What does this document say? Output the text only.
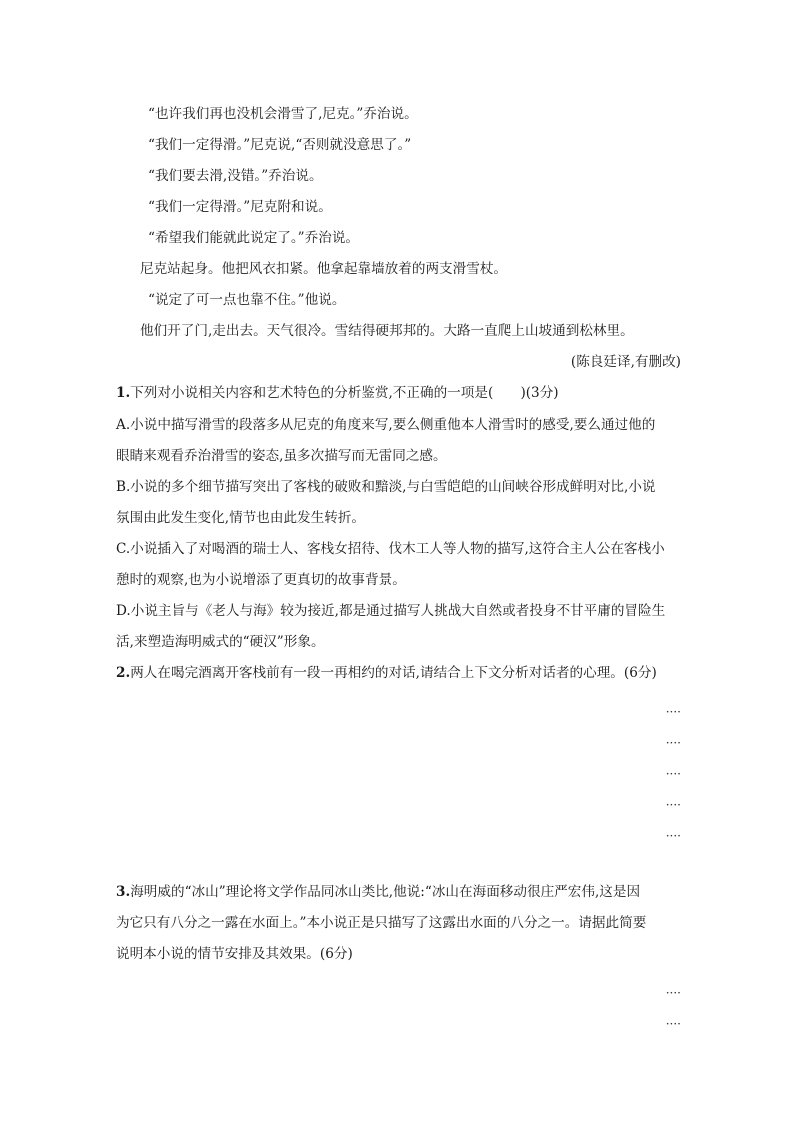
“也许我们再也没机会滑雪了,尼克。”乔治说。
“我们一定得滑。”尼克说,“否则就没意思了。”
“我们要去滑,没错。”乔治说。
“我们一定得滑。”尼克附和说。
“希望我们能就此说定了。”乔治说。
尼克站起身。他把风衣扣紧。他拿起靠墙放着的两支滑雪杖。
“说定了可一点也靠不住。”他说。
他们开了门,走出去。天气很冷。雪结得硬邦邦的。大路一直爬上山坡通到松林里。
(陈良廷译,有删改)
1.下列对小说相关内容和艺术特色的分析鉴赏,不正确的一项是(　　)(3分)
A.小说中描写滑雪的段落多从尼克的角度来写,要么侧重他本人滑雪时的感受,要么通过他的
眼睛来观看乔治滑雪的姿态,虽多次描写而无雷同之感。
B.小说的多个细节描写突出了客栈的破败和黯淡,与白雪皑皑的山间峡谷形成鲜明对比,小说
氛围由此发生变化,情节也由此发生转折。
C.小说插入了对喝酒的瑞士人、客栈女招待、伐木工人等人物的描写,这符合主人公在客栈小
憩时的观察,也为小说增添了更真切的故事背景。
D.小说主旨与《老人与海》较为接近,都是通过描写人挑战大自然或者投身不甘平庸的冒险生
活,来塑造海明威式的“硬汉”形象。
2.两人在喝完酒离开客栈前有一段一再相约的对话,请结合上下文分析对话者的心理。(6分)
····
····
····
····
····
3.海明威的“冰山”理论将文学作品同冰山类比,他说:“冰山在海面移动很庄严宏伟,这是因
为它只有八分之一露在水面上。”本小说正是只描写了这露出水面的八分之一。请据此简要
说明本小说的情节安排及其效果。(6分)
····
····
